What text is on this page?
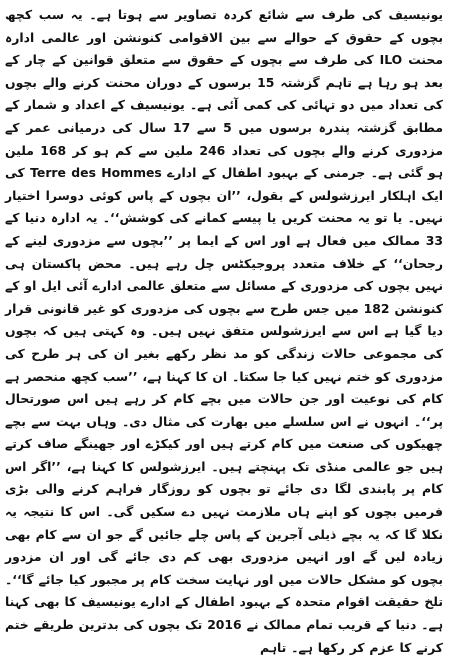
یونیسیف کی طرف سے شائع کردہ تصاویر سے ہوتا ہے۔ یہ سب کچھ بچوں کے حقوق کے حوالے سے بین الاقوامی کنونشن اور عالمی ادارہ محنت ILO کی طرف سے بچوں کے حقوق سے متعلق قوانین کے چار کے بعد ہو رہا ہے تاہم گزشتہ 15 برسوں کے دوران محنت کرنے والے بچوں کی تعداد میں دو تہائی کی کمی آئی ہے۔ یونیسیف کے اعداد و شمار کے مطابق گزشتہ پندرہ برسوں میں 5 سے 17 سال کی درمیانی عمر کے مزدوری کرنے والے بچوں کی تعداد 246 ملین سے کم ہو کر 168 ملین ہو گئی ہے۔ جرمنی کے بہبود اطفال کے ادارے Terre des Hommes کی ایک اہلکار ایرزشولس کے بقول، ’’ان بچوں کے پاس کوئی دوسرا اختیار نہیں۔ یا تو یہ محنت کریں یا پیسے کمانے کی کوشش‘‘۔ یہ ادارہ دنیا کے 33 ممالک میں فعال ہے اور اس کے ایما پر ’’بچوں سے مزدوری لینے کے رجحان‘‘ کے خلاف متعدد پروجیکٹس چل رہے ہیں۔ محض پاکستان ہی نہیں بچوں کی مزدوری کے مسائل سے متعلق عالمی ادارے آئی ایل او کے کنونشن 182 میں جس طرح سے بچوں کی مزدوری کو غیر قانونی قرار دیا گیا ہے اس سے ایرزشولس متفق نہیں ہیں۔ وہ کہتی ہیں کہ بچوں کی مجموعی حالات زندگی کو مد نظر رکھے بغیر ان کی ہر طرح کی مزدوری کو ختم نہیں کیا جا سکتا۔ ان کا کہنا ہے، ’’سب کچھ منحصر ہے کام کی نوعیت اور جن حالات میں بچے کام کر رہے ہیں اس صورتحال پر‘‘۔ انہوں نے اس سلسلے میں بھارت کی مثال دی۔ وہاں بہت سے بچے چھیکوں کی صنعت میں کام کرتے ہیں اور کیکڑے اور جھینگے صاف کرتے ہیں جو عالمی منڈی تک پہنچتے ہیں۔ ایرزشولس کا کہنا ہے، ’’اگر اس کام پر پابندی لگا دی جائے تو بچوں کو روزگار فراہم کرنے والی بڑی فرمیں بچوں کو اپنے ہاں ملازمت نہیں دے سکیں گی۔ اس کا نتیجہ یہ نکلا گا کہ یہ بچے ذیلی آجرین کے پاس چلے جائیں گے جو ان سے کام بھی زیادہ لیں گے اور انہیں مزدوری بھی کم دی جائے گی اور ان مزدور بچوں کو مشکل حالات میں اور نہایت سخت کام پر مجبور کیا جائے گا‘‘۔ تلخ حقیقت اقوام متحدہ کے بہبود اطفال کے ادارے یونیسیف کا بھی کہنا ہے۔ دنیا کے قریب تمام ممالک نے 2016 تک بچوں کی بدترین طریقے ختم کرنے کا عزم کر رکھا ہے۔ تاہم
